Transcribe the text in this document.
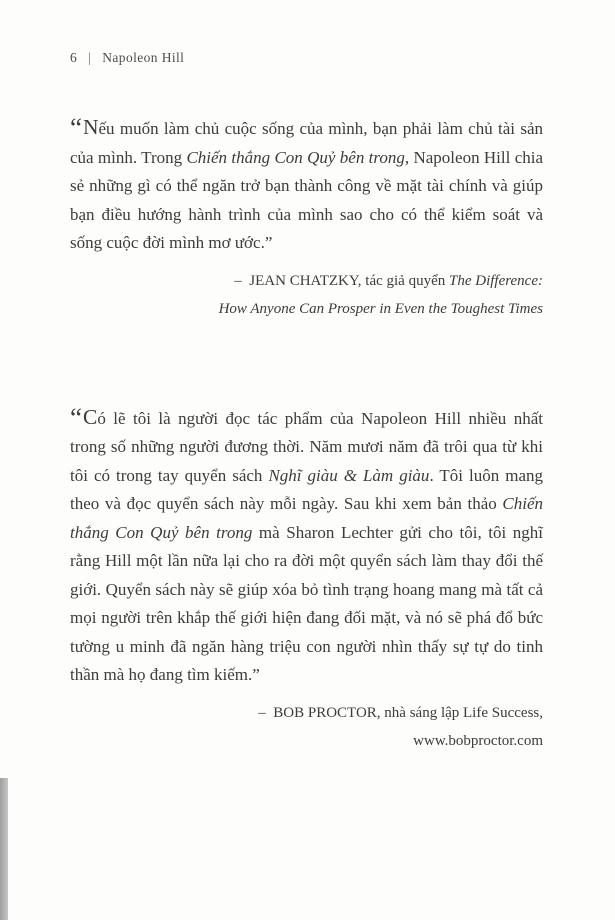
6 | Napoleon Hill

“Nếu muốn làm chủ cuộc sống của mình, bạn phải làm chủ tài sản của mình. Trong Chiến thắng Con Quỷ bên trong, Napoleon Hill chia sẻ những gì có thể ngăn trở bạn thành công về mặt tài chính và giúp bạn điều hướng hành trình của mình sao cho có thể kiểm soát và sống cuộc đời mình mơ ước.”

–  JEAN CHATZKY, tác giả quyển The Difference:
How Anyone Can Prosper in Even the Toughest Times

“Có lẽ tôi là người đọc tác phẩm của Napoleon Hill nhiều nhất trong số những người đương thời. Năm mươi năm đã trôi qua từ khi tôi có trong tay quyển sách Nghĩ giàu & Làm giàu. Tôi luôn mang theo và đọc quyển sách này mỗi ngày. Sau khi xem bản thảo Chiến thắng Con Quỷ bên trong mà Sharon Lechter gửi cho tôi, tôi nghĩ rằng Hill một lần nữa lại cho ra đời một quyển sách làm thay đổi thế giới. Quyển sách này sẽ giúp xóa bỏ tình trạng hoang mang mà tất cả mọi người trên khắp thế giới hiện đang đối mặt, và nó sẽ phá đổ bức tường u minh đã ngăn hàng triệu con người nhìn thấy sự tự do tinh thần mà họ đang tìm kiếm.”

–  BOB PROCTOR, nhà sáng lập Life Success,
www.bobproctor.com
